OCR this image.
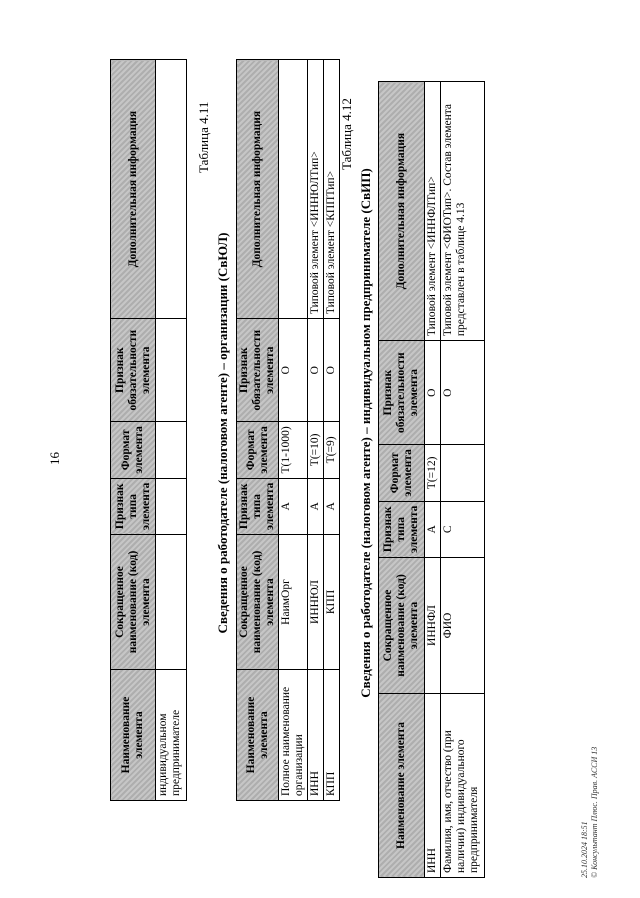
16
Наименование элемента	Сокращенное наименование (код) элемента	Признак типа элемента	Формат элемента	Признак обязательности элемента	Дополнительная информация
индивидуальном предпринимателе					
Таблица 4.11
Сведения о работодателе (налоговом агенте) – организации (СвЮЛ)
Наименование элемента	Сокращенное наименование (код) элемента	Признак типа элемента	Формат элемента	Признак обязательности элемента	Дополнительная информация
Полное наименование организации	НаимОрг	A	T(1-1000)	O	
ИНН	ИННЮЛ	A	T(=10)	O	Типовой элемент <ИННЮЛТип>
КПП	КПП	A	T(=9)	O	Типовой элемент <КППТип>
Таблица 4.12
Сведения о работодателе (налоговом агенте) – индивидуальном предпринимателе (СвИП)
Наименование элемента	Сокращенное наименование (код) элемента	Признак типа элемента	Формат элемента	Признак обязательности элемента	Дополнительная информация
ИНН	ИННФЛ	A	T(=12)	O	Типовой элемент <ИННФЛТип>
Фамилия, имя, отчество (при наличии) индивидуального предпринимателя	ФИО	C		O	Типовой элемент <ФИОТип>. Состав элемента представлен в таблице 4.13
25.10.2024 18:51 © Консультант Плюс. Прав. АССИ 13
